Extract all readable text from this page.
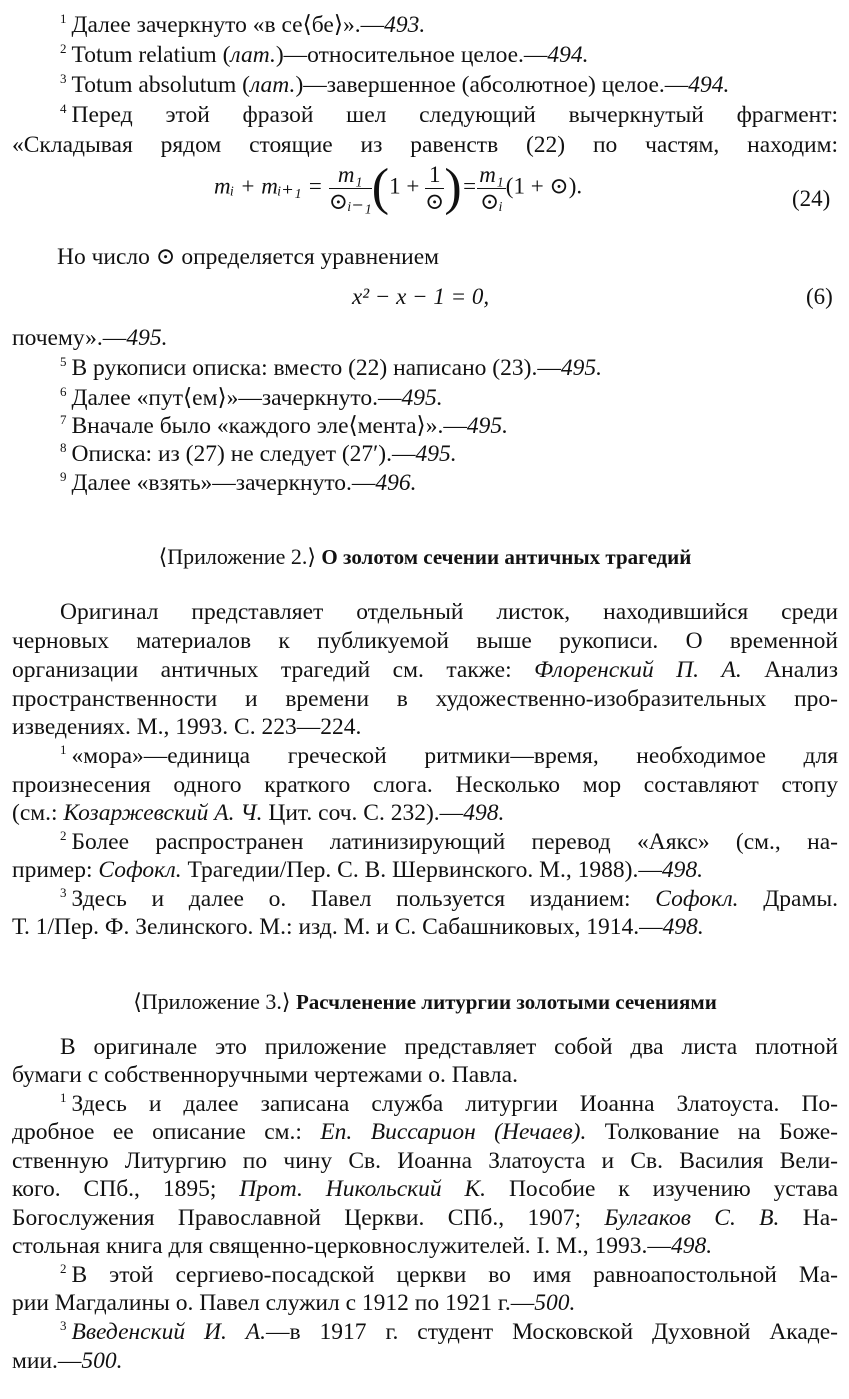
$^1$ Далее зачеркнуто «в се⟨бе⟩».—493.
$^2$ Totum relatium (лат.)—относительное целое.—494.
$^3$ Totum absolutum (лат.)—завершенное (абсолютное) целое.—494.
$^4$ Перед этой фразой шел следующий вычеркнутый фрагмент:
«Складывая рядом стоящие из равенств (22) по частям, находим:
mᵢ + mᵢ₊₁ = $\frac{\text{m₁}}{\text{⊙ᵢ₋₁}} (1 + \frac{1}{⊙}$ )= $\frac{\text{m₁}}{\text{⊙ᵢ}} (1$ + ⊙).
(24)
Но число ⊙ определяется уравнением
x² − x − 1 = 0,	(6)
почему».—495.
$^5$ В рукописи описка: вместо (22) написано (23).—495.
$^6$ Далее «пут⟨ем⟩»—зачеркнуто.—495.
$^7$ Вначале было «каждого эле⟨мента⟩».—495.
$^8$ Описка: из (27) не следует (27′).—495.
$^9$ Далее «взять»—зачеркнуто.—496.
⟨Приложение 2.⟩ О золотом сечении античных трагедий
Оригинал представляет отдельный листок, находившийся среди
черновых материалов к публикуемой выше рукописи. О временной
организации античных трагедий см. также: Флоренский П. А. Анализ
пространственности и времени в художественно-изобразительных про-
изведениях. М., 1993. С. 223—224.
$^1$ «мора»—единица греческой ритмики—время, необходимое для
произнесения одного краткого слога. Несколько мор составляют стопу
(см.: Козаржевский А. Ч. Цит. соч. С. 232).—498.
$^2$ Более распространен латинизирующий перевод «Аякс» (см., на-
пример: Софокл. Трагедии/Пер. С. В. Шервинского. М., 1988).—498.
$^3$ Здесь и далее о. Павел пользуется изданием: Софокл. Драмы.
Т. 1/Пер. Ф. Зелинского. М.: изд. М. и С. Сабашниковых, 1914.—498.
⟨Приложение 3.⟩ Расчленение литургии золотыми сечениями
В оригинале это приложение представляет собой два листа плотной
бумаги с собственноручными чертежами о. Павла.
$^1$ Здесь и далее записана служба литургии Иоанна Златоуста. По-
дробное ее описание см.: Еп. Виссарион (Нечаев). Толкование на Боже-
ственную Литургию по чину Св. Иоанна Златоуста и Св. Василия Вели-
кого. СПб., 1895; Прот. Никольский К. Пособие к изучению устава
Богослужения Православной Церкви. СПб., 1907; Булгаков С. В. На-
стольная книга для священно-церковнослужителей. I. М., 1993.—498.
$^2$ В этой сергиево-посадской церкви во имя равноапостольной Ма-
рии Магдалины о. Павел служил с 1912 по 1921 г.—500.
$^3$ Введенский И. А.—в 1917 г. студент Московской Духовной Акаде-
мии.—500.
